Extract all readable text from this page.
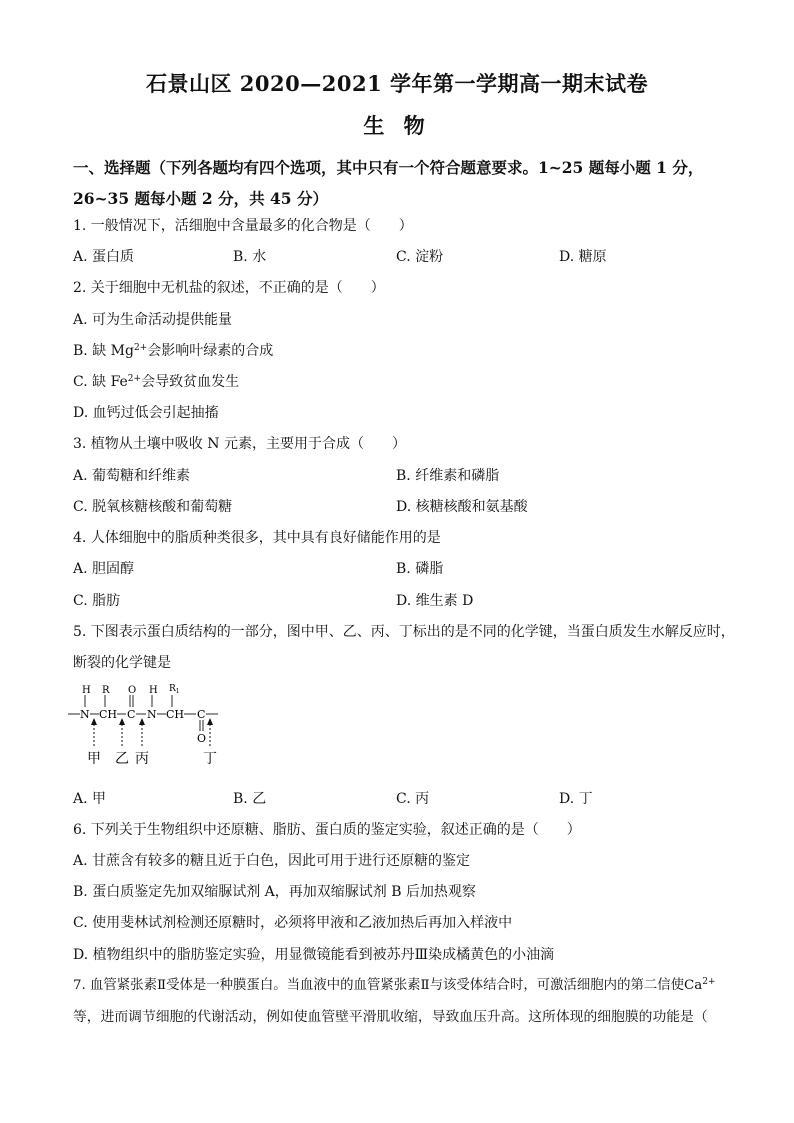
石景山区 2020—2021 学年第一学期高一期末试卷
生 物
一、选择题（下列各题均有四个选项，其中只有一个符合题意要求。1~25 题每小题 1 分，26~35 题每小题 2 分，共 45 分）
1. 一般情况下，活细胞中含量最多的化合物是（　　）
A. 蛋白质	B. 水	C. 淀粉	D. 糖原
2. 关于细胞中无机盐的叙述，不正确的是（　　）
A. 可为生命活动提供能量
B. 缺 $Mg^{2+}$会影响叶绿素的合成
C. 缺 $Fe^{2+}$会导致贫血发生
D. 血钙过低会引起抽搐
3. 植物从土壤中吸收 N 元素，主要用于合成（　　）
A. 葡萄糖和纤维素	B. 纤维素和磷脂
C. 脱氧核糖核酸和葡萄糖	D. 核糖核酸和氨基酸
4. 人体细胞中的脂质种类很多，其中具有良好储能作用的是
A. 胆固醇	B. 磷脂
C. 脂肪	D. 维生素 D
5. 下图表示蛋白质结构的一部分，图中甲、乙、丙、丁标出的是不同的化学键，当蛋白质发生水解反应时，
断裂的化学键是
H R O H $R_1$
N CH C N CH C
O
甲 乙 丙	丁
A. 甲	B. 乙	C. 丙	D. 丁
6. 下列关于生物组织中还原糖、脂肪、蛋白质的鉴定实验，叙述正确的是（　　）
A. 甘蔗含有较多的糖且近于白色，因此可用于进行还原糖的鉴定
B. 蛋白质鉴定先加双缩脲试剂 A，再加双缩脲试剂 B 后加热观察
C. 使用斐林试剂检测还原糖时，必须将甲液和乙液加热后再加入样液中
D. 植物组织中的脂肪鉴定实验，用显微镜能看到被苏丹Ⅲ染成橘黄色的小油滴
7. 血管紧张素Ⅱ受体是一种膜蛋白。当血液中的血管紧张素Ⅱ与该受体结合时，可激活细胞内的第二信使$Ca^{2+}$
等，进而调节细胞的代谢活动，例如使血管壁平滑肌收缩，导致血压升高。这所体现的细胞膜的功能是（
